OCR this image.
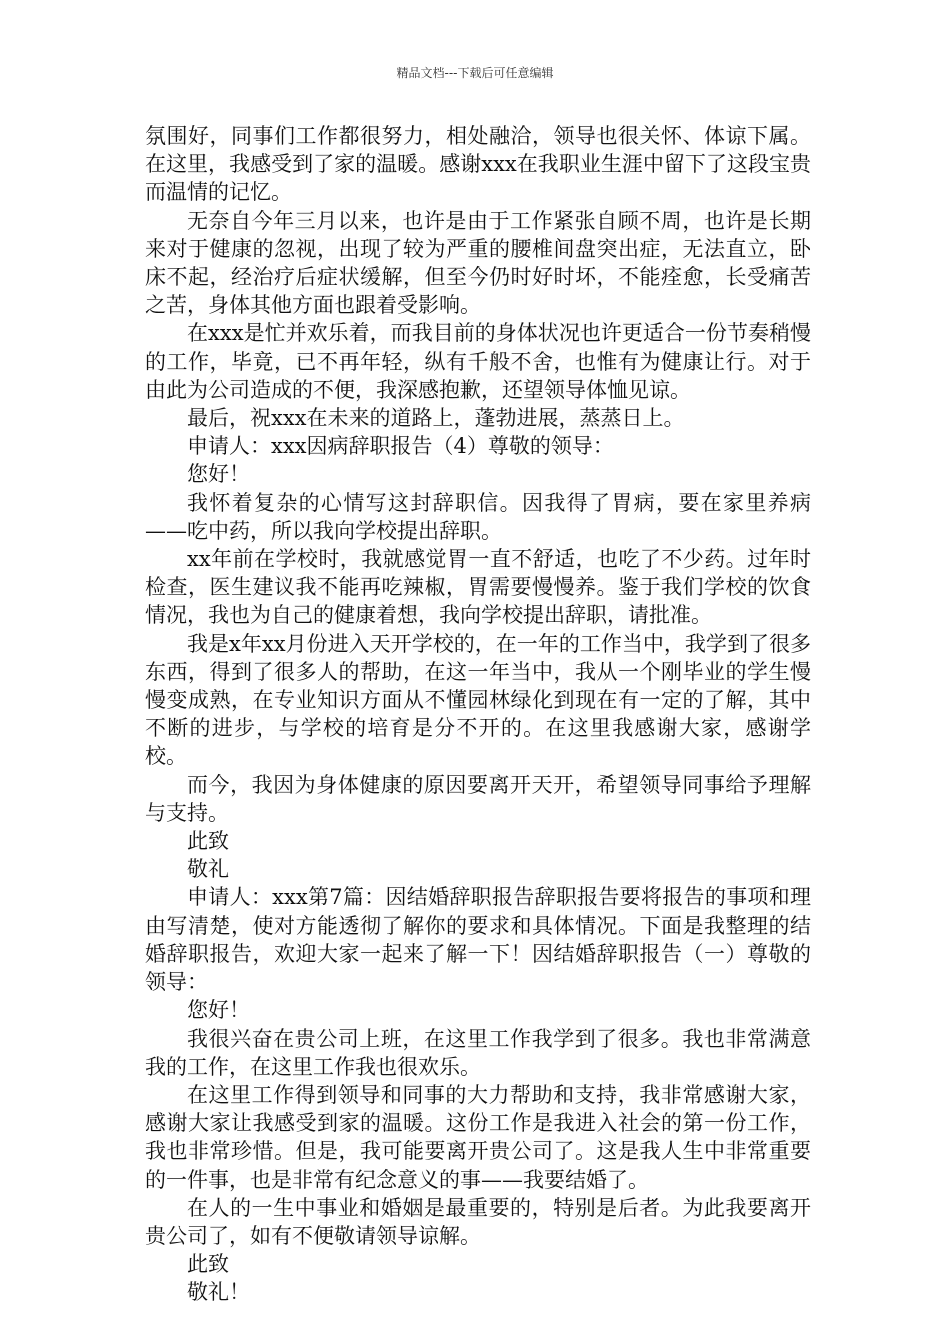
精品文档---下载后可任意编辑

氛围好，同事们工作都很努力，相处融洽，领导也很关怀、体谅下属。在这里，我感受到了家的温暖。感谢xxx在我职业生涯中留下了这段宝贵而温情的记忆。

无奈自今年三月以来，也许是由于工作紧张自顾不周，也许是长期来对于健康的忽视，出现了较为严重的腰椎间盘突出症，无法直立，卧床不起，经治疗后症状缓解，但至今仍时好时坏，不能痊愈，长受痛苦之苦，身体其他方面也跟着受影响。

在xxx是忙并欢乐着，而我目前的身体状况也许更适合一份节奏稍慢的工作，毕竟，已不再年轻，纵有千般不舍，也惟有为健康让行。对于由此为公司造成的不便，我深感抱歉，还望领导体恤见谅。

最后，祝xxx在未来的道路上，蓬勃进展，蒸蒸日上。

申请人：xxx因病辞职报告（4）尊敬的领导：

您好！

我怀着复杂的心情写这封辞职信。因我得了胃病，要在家里养病——吃中药，所以我向学校提出辞职。

xx年前在学校时，我就感觉胃一直不舒适，也吃了不少药。过年时检查，医生建议我不能再吃辣椒，胃需要慢慢养。鉴于我们学校的饮食情况，我也为自己的健康着想，我向学校提出辞职，请批准。

我是x年xx月份进入天开学校的，在一年的工作当中，我学到了很多东西，得到了很多人的帮助，在这一年当中，我从一个刚毕业的学生慢慢变成熟，在专业知识方面从不懂园林绿化到现在有一定的了解，其中不断的进步，与学校的培育是分不开的。在这里我感谢大家，感谢学校。

而今，我因为身体健康的原因要离开天开，希望领导同事给予理解与支持。

此致

敬礼

申请人：xxx第7篇：因结婚辞职报告辞职报告要将报告的事项和理由写清楚，使对方能透彻了解你的要求和具体情况。下面是我整理的结婚辞职报告，欢迎大家一起来了解一下！因结婚辞职报告（一）尊敬的领导：

您好！

我很兴奋在贵公司上班，在这里工作我学到了很多。我也非常满意我的工作，在这里工作我也很欢乐。

在这里工作得到领导和同事的大力帮助和支持，我非常感谢大家，感谢大家让我感受到家的温暖。这份工作是我进入社会的第一份工作，我也非常珍惜。但是，我可能要离开贵公司了。这是我人生中非常重要的一件事，也是非常有纪念意义的事——我要结婚了。

在人的一生中事业和婚姻是最重要的，特别是后者。为此我要离开贵公司了，如有不便敬请领导谅解。

此致

敬礼！
